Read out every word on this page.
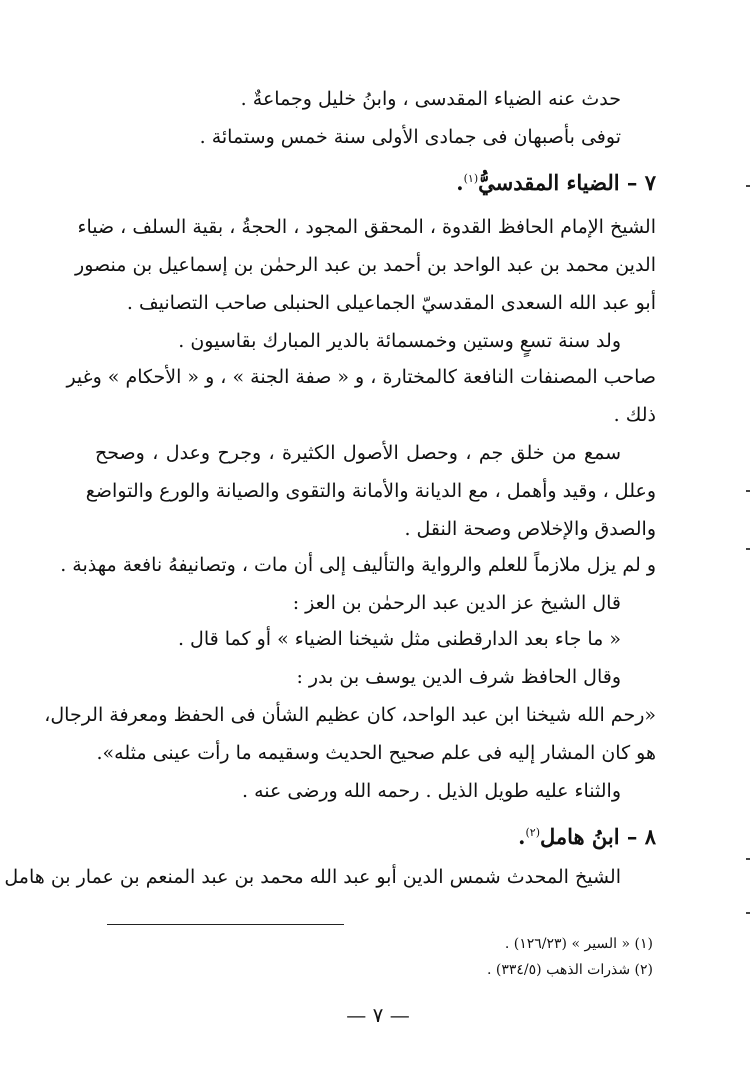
حدث عنه الضياء المقدسى ، وابنُ خليل وجماعةٌ .
توفى بأصبهان فى جمادى الأولى سنة خمس وستمائة .
٧ – الضياء المقدسيُّ$^{(١)}$.
الشيخ الإمام الحافظ القدوة ، المحقق المجود ، الحجةُ ، بقية السلف ، ضياء
الدين محمد بن عبد الواحد بن أحمد بن عبد الرحمٰن بن إسماعيل بن منصور
أبو عبد الله السعدى المقدسيّ الجماعيلى الحنبلى صاحب التصانيف .
ولد سنة تسعٍ وستين وخمسمائة بالدير المبارك بقاسيون .
صاحب المصنفات النافعة كالمختارة ، و « صفة الجنة » ، و « الأحكام » وغير
ذلك .
سمع من خلق جم ، وحصل الأصول الكثيرة ، وجرح وعدل ، وصحح
وعلل ، وقيد وأهمل ، مع الديانة والأمانة والتقوى والصيانة والورع والتواضع
والصدق والإخلاص وصحة النقل .
و لم يزل ملازماً للعلم والرواية والتأليف إلى أن مات ، وتصانيفهُ نافعة مهذبة .
قال الشيخ عز الدين عبد الرحمٰن بن العز :
« ما جاء بعد الدارقطنى مثل شيخنا الضياء » أو كما قال .
وقال الحافظ شرف الدين يوسف بن بدر :
«رحم الله شيخنا ابن عبد الواحد، كان عظيم الشأن فى الحفظ ومعرفة الرجال،
هو كان المشار إليه فى علم صحيح الحديث وسقيمه ما رأت عينى مثله».
والثناء عليه طويل الذيل . رحمه الله ورضى عنه .
٨ – ابنُ هامل$^{(٢)}$.
الشيخ المحدث شمس الدين أبو عبد الله محمد بن عبد المنعم بن عمار بن هامل
(١) « السير » (١٢٦/٢٣) .
(٢) شذرات الذهب (٣٣٤/٥) .
— ٧ —
